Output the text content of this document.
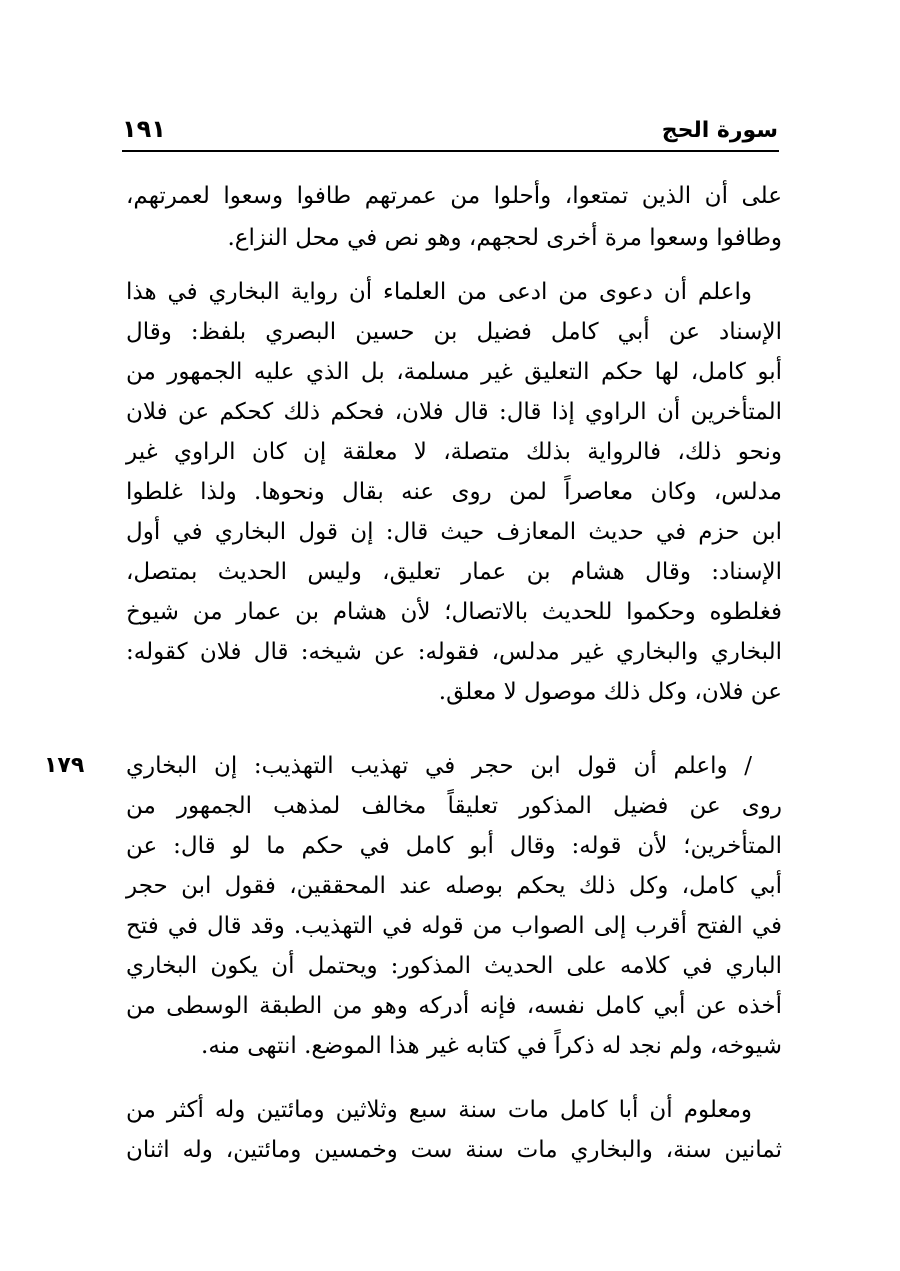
سورة الحج
١٩١
١٧٩
على أن الذين تمتعوا، وأحلوا من عمرتهم طافوا وسعوا لعمرتهم،
وطافوا وسعوا مرة أخرى لحجهم، وهو نص في محل النزاع.
واعلم أن دعوى من ادعى من العلماء أن رواية البخاري في هذا
الإسناد عن أبي كامل فضيل بن حسين البصري بلفظ: وقال
أبو كامل، لها حكم التعليق غير مسلمة، بل الذي عليه الجمهور من
المتأخرين أن الراوي إذا قال: قال فلان، فحكم ذلك كحكم عن فلان
ونحو ذلك، فالرواية بذلك متصلة، لا معلقة إن كان الراوي غير
مدلس، وكان معاصراً لمن روى عنه بقال ونحوها. ولذا غلطوا
ابن حزم في حديث المعازف حيث قال: إن قول البخاري في أول
الإسناد: وقال هشام بن عمار تعليق، وليس الحديث بمتصل،
فغلطوه وحكموا للحديث بالاتصال؛ لأن هشام بن عمار من شيوخ
البخاري والبخاري غير مدلس، فقوله: عن شيخه: قال فلان كقوله:
عن فلان، وكل ذلك موصول لا معلق.
/ واعلم أن قول ابن حجر في تهذيب التهذيب: إن البخاري
روى عن فضيل المذكور تعليقاً مخالف لمذهب الجمهور من
المتأخرين؛ لأن قوله: وقال أبو كامل في حكم ما لو قال: عن
أبي كامل، وكل ذلك يحكم بوصله عند المحققين، فقول ابن حجر
في الفتح أقرب إلى الصواب من قوله في التهذيب. وقد قال في فتح
الباري في كلامه على الحديث المذكور: ويحتمل أن يكون البخاري
أخذه عن أبي كامل نفسه، فإنه أدركه وهو من الطبقة الوسطى من
شيوخه، ولم نجد له ذكراً في كتابه غير هذا الموضع. انتهى منه.
ومعلوم أن أبا كامل مات سنة سبع وثلاثين ومائتين وله أكثر من
ثمانين سنة، والبخاري مات سنة ست وخمسين ومائتين، وله اثنان
